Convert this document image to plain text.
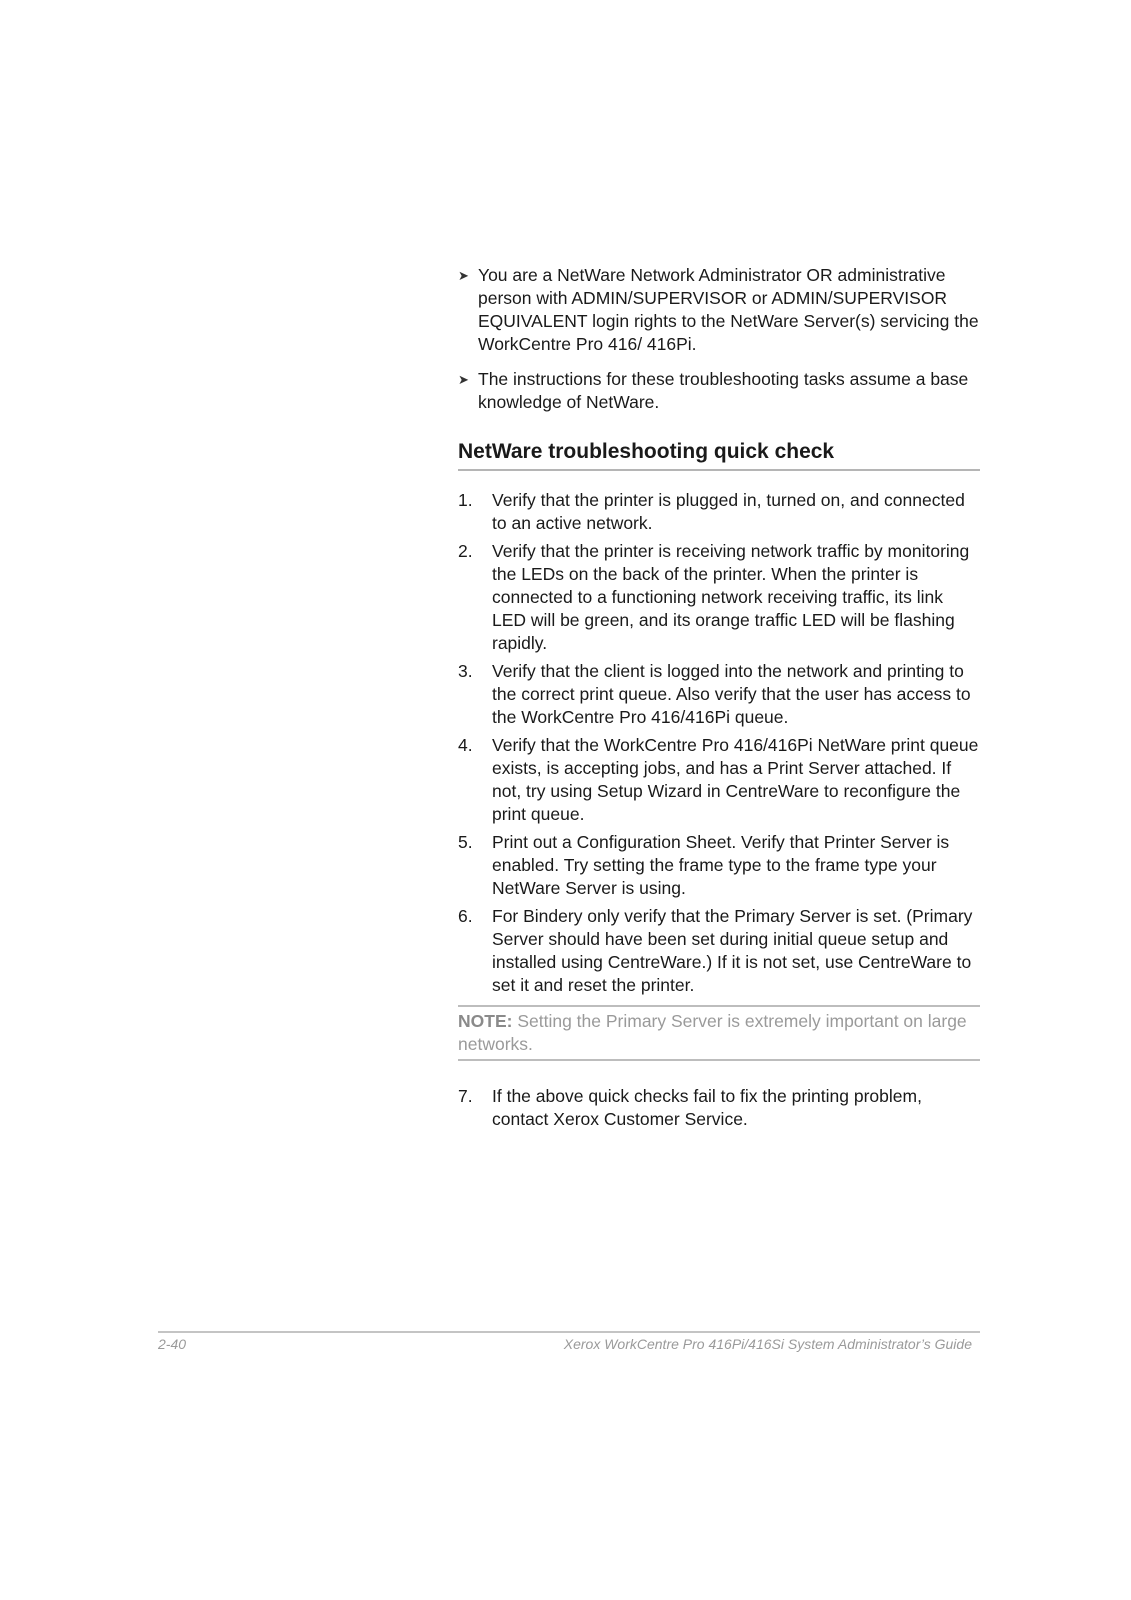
➤ You are a NetWare Network Administrator OR administrative person with ADMIN/SUPERVISOR or ADMIN/SUPERVISOR EQUIVALENT login rights to the NetWare Server(s) servicing the WorkCentre Pro 416/ 416Pi.
➤ The instructions for these troubleshooting tasks assume a base knowledge of NetWare.
NetWare troubleshooting quick check
1. Verify that the printer is plugged in, turned on, and connected to an active network.
2. Verify that the printer is receiving network traffic by monitoring the LEDs on the back of the printer. When the printer is connected to a functioning network receiving traffic, its link LED will be green, and its orange traffic LED will be flashing rapidly.
3. Verify that the client is logged into the network and printing to the correct print queue. Also verify that the user has access to the WorkCentre Pro 416/416Pi queue.
4. Verify that the WorkCentre Pro 416/416Pi NetWare print queue exists, is accepting jobs, and has a Print Server attached. If not, try using Setup Wizard in CentreWare to reconfigure the print queue.
5. Print out a Configuration Sheet. Verify that Printer Server is enabled. Try setting the frame type to the frame type your NetWare Server is using.
6. For Bindery only verify that the Primary Server is set. (Primary Server should have been set during initial queue setup and installed using CentreWare.) If it is not set, use CentreWare to set it and reset the printer.
NOTE: Setting the Primary Server is extremely important on large networks.
7. If the above quick checks fail to fix the printing problem, contact Xerox Customer Service.
2-40	Xerox WorkCentre Pro 416Pi/416Si System Administrator’s Guide
